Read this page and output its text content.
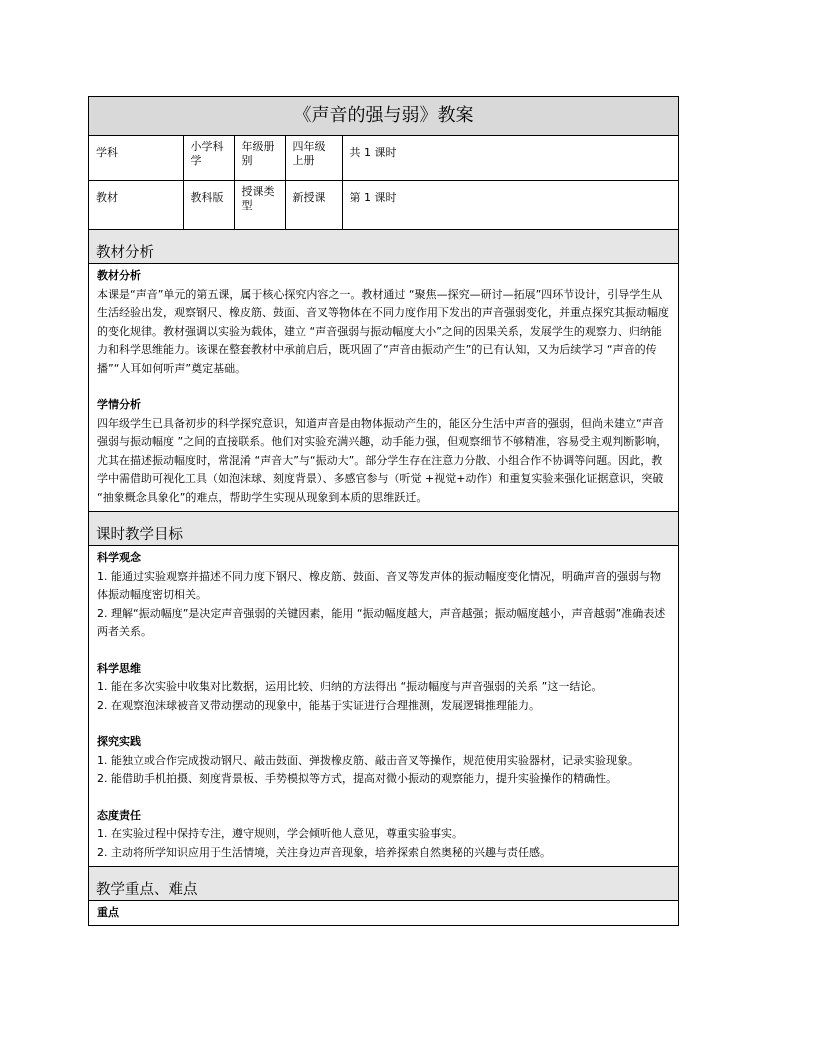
《声音的强与弱》教案
学科	小学科学	年级册别	四年级上册	共 1 课时
教材	教科版	授课类型	新授课	第 1 课时
教材分析
教材分析

本课是“声音”单元的第五课，属于核心探究内容之一。教材通过 “聚焦—探究—研讨—拓展”四环节设计，引导学生从生活经验出发，观察钢尺、橡皮筋、鼓面、音叉等物体在不同力度作用下发出的声音强弱变化，并重点探究其振动幅度的变化规律。教材强调以实验为载体，建立 “声音强弱与振动幅度大小”之间的因果关系，发展学生的观察力、归纳能力和科学思维能力。该课在整套教材中承前启后，既巩固了“声音由振动产生”的已有认知，又为后续学习 “声音的传播”“人耳如何听声”奠定基础。

学情分析

四年级学生已具备初步的科学探究意识，知道声音是由物体振动产生的，能区分生活中声音的强弱，但尚未建立“声音强弱与振动幅度 ”之间的直接联系。他们对实验充满兴趣，动手能力强，但观察细节不够精准，容易受主观判断影响，尤其在描述振动幅度时，常混淆 “声音大”与“振动大”。部分学生存在注意力分散、小组合作不协调等问题。因此，教学中需借助可视化工具（如泡沫球、刻度背景）、多感官参与（听觉 +视觉+动作）和重复实验来强化证据意识，突破 “抽象概念具象化”的难点，帮助学生实现从现象到本质的思维跃迁。

课时教学目标
科学观念

1. 能通过实验观察并描述不同力度下钢尺、橡皮筋、鼓面、音叉等发声体的振动幅度变化情况，明确声音的强弱与物体振动幅度密切相关。

2. 理解“振动幅度”是决定声音强弱的关键因素，能用 “振动幅度越大，声音越强；振动幅度越小，声音越弱”准确表述两者关系。

科学思维

1. 能在多次实验中收集对比数据，运用比较、归纳的方法得出 “振动幅度与声音强弱的关系 ”这一结论。

2. 在观察泡沫球被音叉带动摆动的现象中，能基于实证进行合理推测，发展逻辑推理能力。

探究实践

1. 能独立或合作完成拨动钢尺、敲击鼓面、弹拨橡皮筋、敲击音叉等操作，规范使用实验器材，记录实验现象。

2. 能借助手机拍摄、刻度背景板、手势模拟等方式，提高对微小振动的观察能力，提升实验操作的精确性。

态度责任

1. 在实验过程中保持专注，遵守规则，学会倾听他人意见，尊重实验事实。

2. 主动将所学知识应用于生活情境，关注身边声音现象，培养探索自然奥秘的兴趣与责任感。

教学重点、难点
重点
